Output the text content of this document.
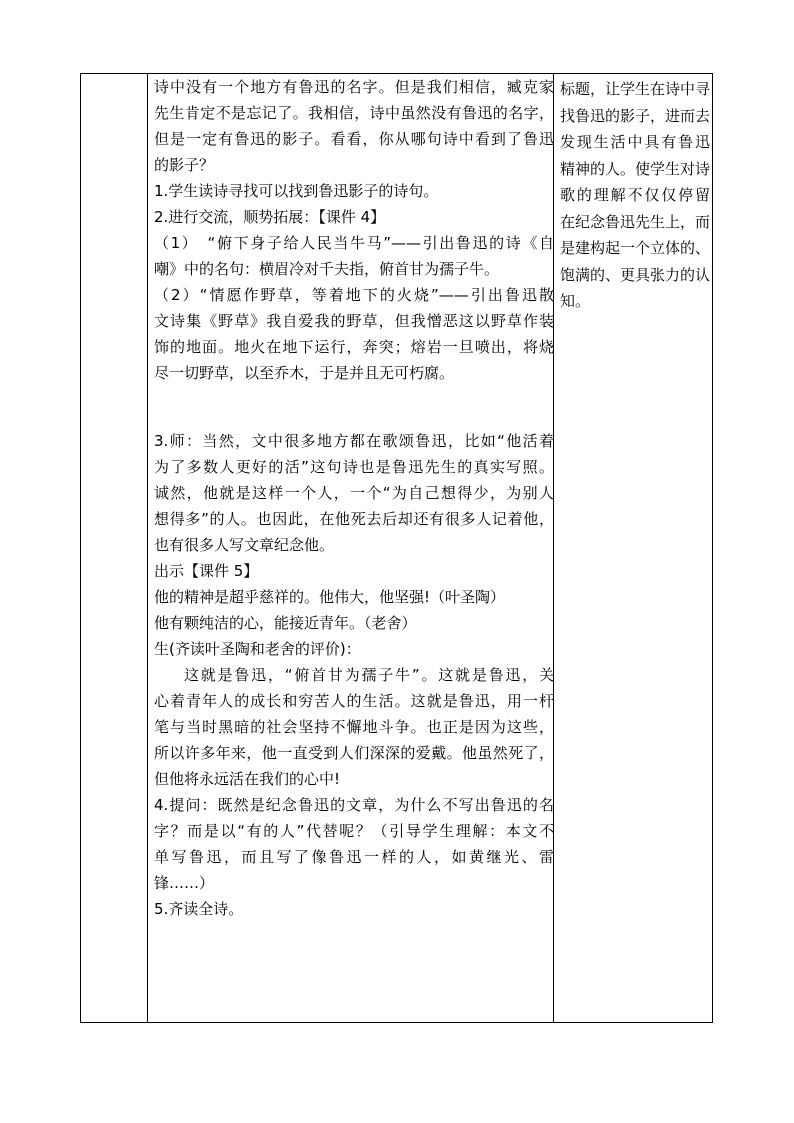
诗中没有一个地方有鲁迅的名字。但是我们相信，臧克家
先生肯定不是忘记了。我相信，诗中虽然没有鲁迅的名字，
但是一定有鲁迅的影子。看看，你从哪句诗中看到了鲁迅
的影子？
1.学生读诗寻找可以找到鲁迅影子的诗句。
2.进行交流，顺势拓展：【课件 4】
（1）　“俯下身子给人民当牛马”——引出鲁迅的诗《自
嘲》中的名句：横眉冷对千夫指，俯首甘为孺子牛。
（2）“情愿作野草，等着地下的火烧”——引出鲁迅散
文诗集《野草》我自爱我的野草，但我憎恶这以野草作装
饰的地面。地火在地下运行，奔突；熔岩一旦喷出，将烧
尽一切野草，以至乔木，于是并且无可朽腐。
3.师：当然，文中很多地方都在歌颂鲁迅，比如“他活着
为了多数人更好的活”这句诗也是鲁迅先生的真实写照。
诚然，他就是这样一个人，一个“为自己想得少，为别人
想得多”的人。也因此，在他死去后却还有很多人记着他，
也有很多人写文章纪念他。
出示【课件 5】
他的精神是超乎慈祥的。他伟大，他坚强!（叶圣陶）
他有颗纯洁的心，能接近青年。（老舍）
生(齐读叶圣陶和老舍的评价)：
这就是鲁迅，“俯首甘为孺子牛”。这就是鲁迅，关
心着青年人的成长和穷苦人的生活。这就是鲁迅，用一杆
笔与当时黑暗的社会坚持不懈地斗争。也正是因为这些，
所以许多年来，他一直受到人们深深的爱戴。他虽然死了，
但他将永远活在我们的心中!
4.提问：既然是纪念鲁迅的文章，为什么不写出鲁迅的名
字？而是以“有的人”代替呢？（引导学生理解：本文不
单写鲁迅，而且写了像鲁迅一样的人，如黄继光、雷
锋……）
5.齐读全诗。
标题，让学生在诗中寻
找鲁迅的影子，进而去
发现生活中具有鲁迅
精神的人。使学生对诗
歌的理解不仅仅停留
在纪念鲁迅先生上，而
是建构起一个立体的、
饱满的、更具张力的认
知。
